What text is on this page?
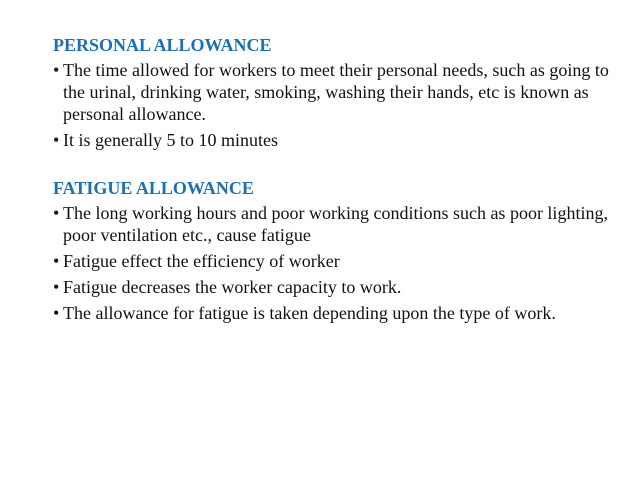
PERSONAL ALLOWANCE
• The time allowed for workers to meet their personal needs, such as going to the urinal, drinking water, smoking, washing their hands, etc is known as personal allowance.
• It is generally 5 to 10 minutes
FATIGUE ALLOWANCE
• The long working hours and poor working conditions such as poor lighting, poor ventilation etc., cause fatigue
• Fatigue effect the efficiency of worker
• Fatigue decreases the worker capacity to work.
• The allowance for fatigue is taken depending upon the type of work.
